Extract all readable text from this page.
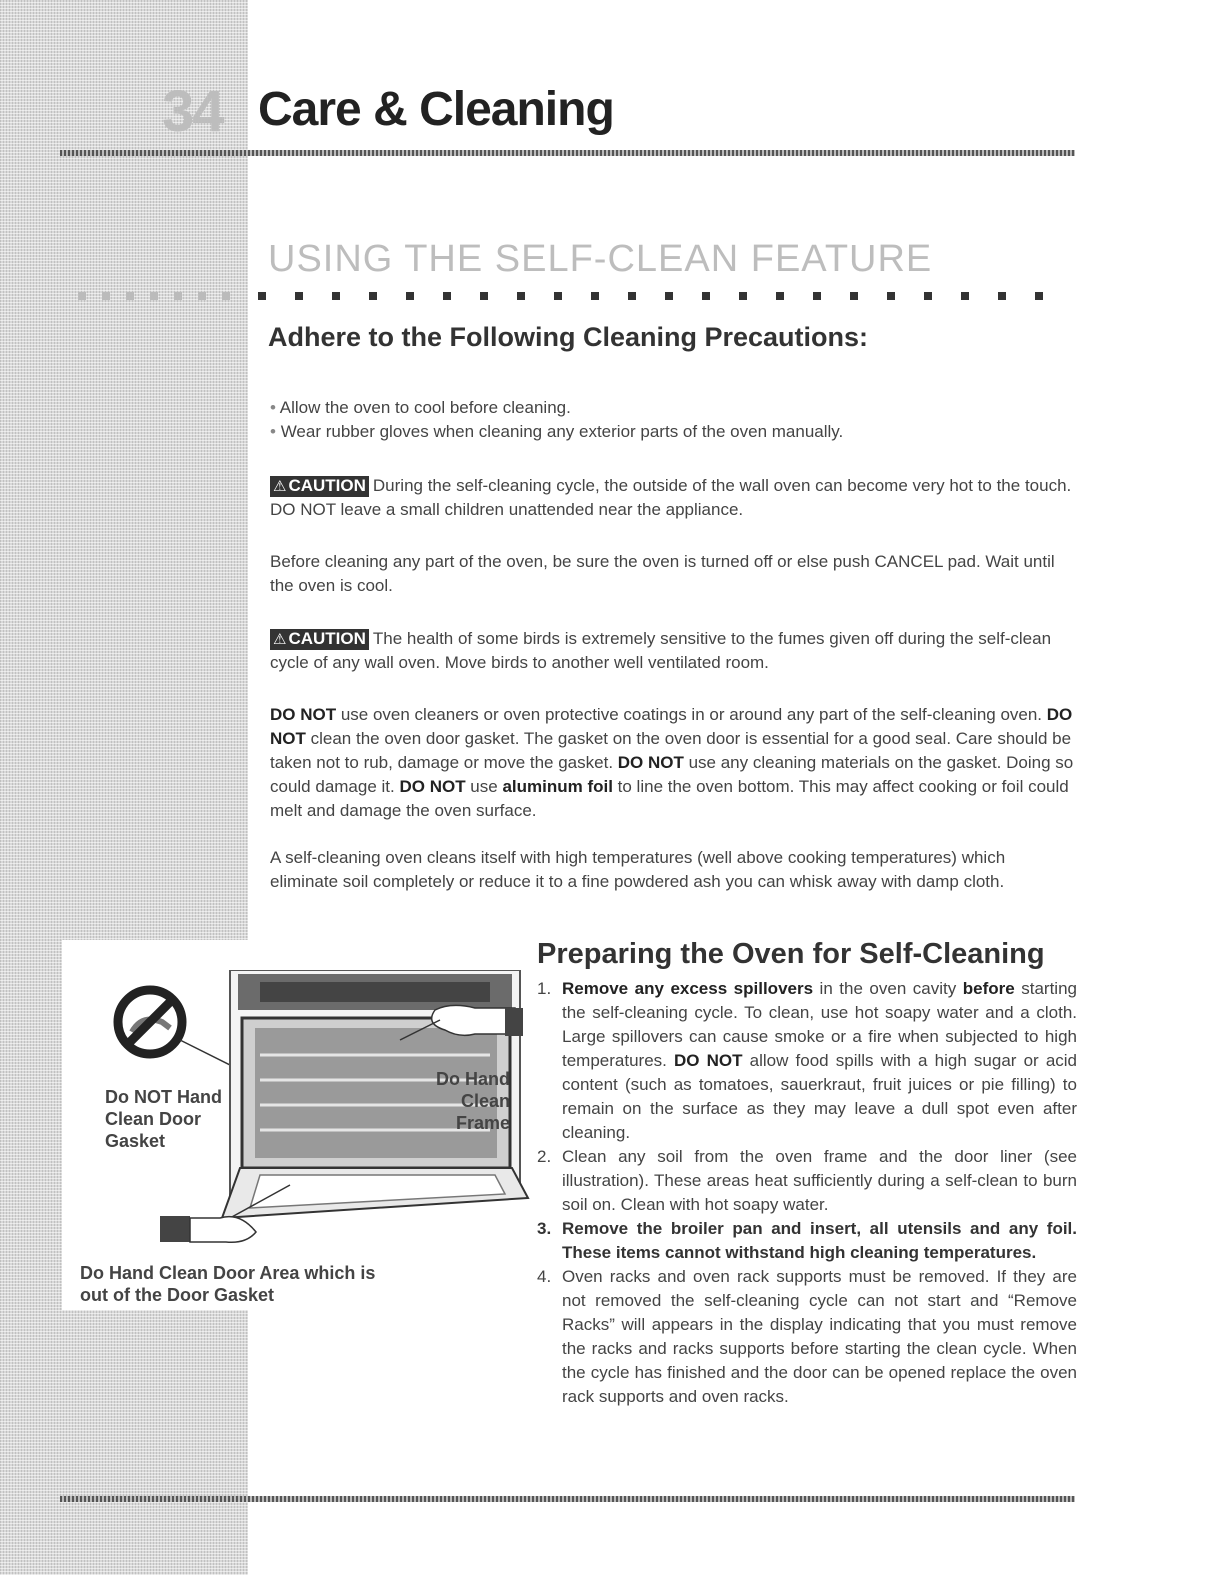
34 Care & Cleaning
USING THE SELF-CLEAN FEATURE
Adhere to the Following Cleaning Precautions:
• Allow the oven to cool before cleaning.
• Wear rubber gloves when cleaning any exterior parts of the oven manually.
⚠ CAUTION During the self-cleaning cycle, the outside of the wall oven can become very hot to the touch. DO NOT leave a small children unattended near the appliance.
Before cleaning any part of the oven, be sure the oven is turned off or else push CANCEL pad. Wait until the oven is cool.
⚠ CAUTION The health of some birds is extremely sensitive to the fumes given off during the self-clean cycle of any wall oven. Move birds to another well ventilated room.
DO NOT use oven cleaners or oven protective coatings in or around any part of the self-cleaning oven. DO NOT clean the oven door gasket. The gasket on the oven door is essential for a good seal. Care should be taken not to rub, damage or move the gasket. DO NOT use any cleaning materials on the gasket. Doing so could damage it. DO NOT use aluminum foil to line the oven bottom. This may affect cooking or foil could melt and damage the oven surface.
A self-cleaning oven cleans itself with high temperatures (well above cooking temperatures) which eliminate soil completely or reduce it to a fine powdered ash you can whisk away with damp cloth.
Do NOT Hand
Clean Door
Gasket
Do Hand
Clean
Frame
Do Hand Clean Door Area which is
out of the Door Gasket
Preparing the Oven for Self-Cleaning
1. Remove any excess spillovers in the oven cavity before starting the self-cleaning cycle. To clean, use hot soapy water and a cloth. Large spillovers can cause smoke or a fire when subjected to high temperatures. DO NOT allow food spills with a high sugar or acid content (such as tomatoes, sauerkraut, fruit juices or pie filling) to remain on the surface as they may leave a dull spot even after cleaning.
2. Clean any soil from the oven frame and the door liner (see illustration). These areas heat sufficiently during a self-clean to burn soil on. Clean with hot soapy water.
3. Remove the broiler pan and insert, all utensils and any foil. These items cannot withstand high cleaning temperatures.
4. Oven racks and oven rack supports must be removed. If they are not removed the self-cleaning cycle can not start and “Remove Racks” will appears in the display indicating that you must remove the racks and racks supports before starting the clean cycle. When the cycle has finished and the door can be opened replace the oven rack supports and oven racks.
